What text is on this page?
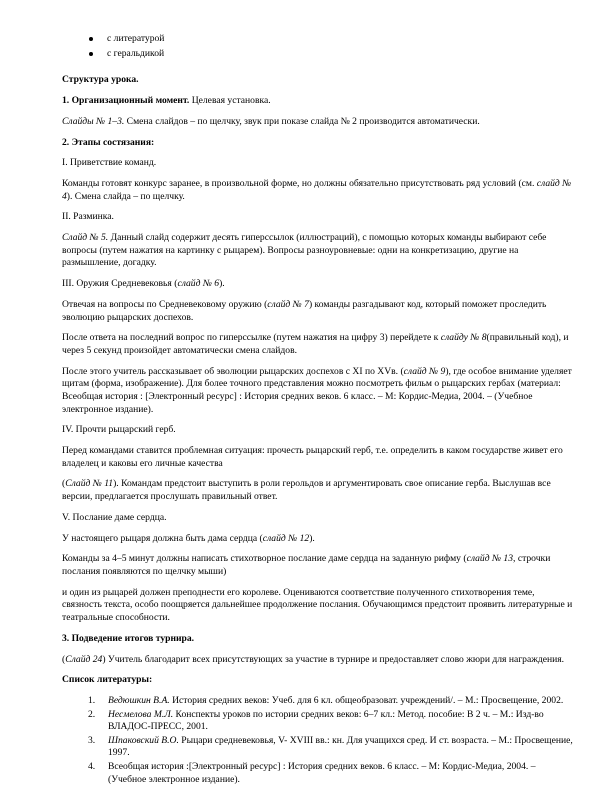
с литературой
с геральдикой

Структура урока.

1. Организационный момент. Целевая установка.

Слайды № 1–3. Смена слайдов – по щелчку, звук при показе слайда № 2 производится автоматически.

2. Этапы состязания:

I. Приветствие команд.

Команды готовят конкурс заранее, в произвольной форме, но должны обязательно присутствовать ряд условий (см. слайд № 4). Смена слайда – по щелчку.

II. Разминка.

Слайд № 5. Данный слайд содержит десять гиперссылок (иллюстраций), с помощью которых команды выбирают себе вопросы (путем нажатия на картинку с рыцарем). Вопросы разноуровневые: одни на конкретизацию, другие на размышление, догадку.

III. Оружия Средневековья (слайд № 6).

Отвечая на вопросы по Средневековому оружию (слайд № 7) команды разгадывают код, который поможет проследить эволюцию рыцарских доспехов.

После ответа на последний вопрос по гиперссылке (путем нажатия на цифру 3) перейдете к слайду № 8(правильный код), и через 5 секунд произойдет автоматически смена слайдов.

После этого учитель рассказывает об эволюции рыцарских доспехов с XI по XVв. (слайд № 9), где особое внимание уделяет щитам (форма, изображение). Для более точного представления можно посмотреть фильм о рыцарских гербах (материал: Всеобщая история : [Электронный ресурс] : История средних веков. 6 класс. – М: Кордис-Медиа, 2004. – (Учебное электронное издание).

IV. Прочти рыцарский герб.

Перед командами ставится проблемная ситуация: прочесть рыцарский герб, т.е. определить в каком государстве живет его владелец и каковы его личные качества

(Слайд № 11). Командам предстоит выступить в роли герольдов и аргументировать свое описание герба. Выслушав все версии, предлагается прослушать правильный ответ.

V. Послание даме сердца.

У настоящего рыцаря должна быть дама сердца (слайд № 12).

Команды за 4–5 минут должны написать стихотворное послание даме сердца на заданную рифму (слайд № 13, строчки послания появляются по щелчку мыши)

и один из рыцарей должен преподнести его королеве. Оцениваются соответствие полученного стихотворения теме, связность текста, особо поощряется дальнейшее продолжение послания. Обучающимся предстоит проявить литературные и театральные способности.

3. Подведение итогов турнира.

(Слайд 24) Учитель благодарит всех присутствующих за участие в турнире и предоставляет слово жюри для награждения.

Список литературы:

1. Ведюшкин В.А. История средних веков: Учеб. для 6 кл. общеобразоват. учреждений/. – М.: Просвещение, 2002.
2. Несмелова М.Л. Конспекты уроков по истории средних веков: 6–7 кл.: Метод. пособие: В 2 ч. – М.: Изд-во ВЛАДОС-ПРЕСС, 2001.
3. Шпаковский В.О. Рыцари средневековья, V- XVIII вв.: кн. Для учащихся сред. И ст. возраста. – М.: Просвещение, 1997.
4. Всеобщая история :[Электронный ресурс] : История средних веков. 6 класс. – М: Кордис-Медиа, 2004. – (Учебное электронное издание).
